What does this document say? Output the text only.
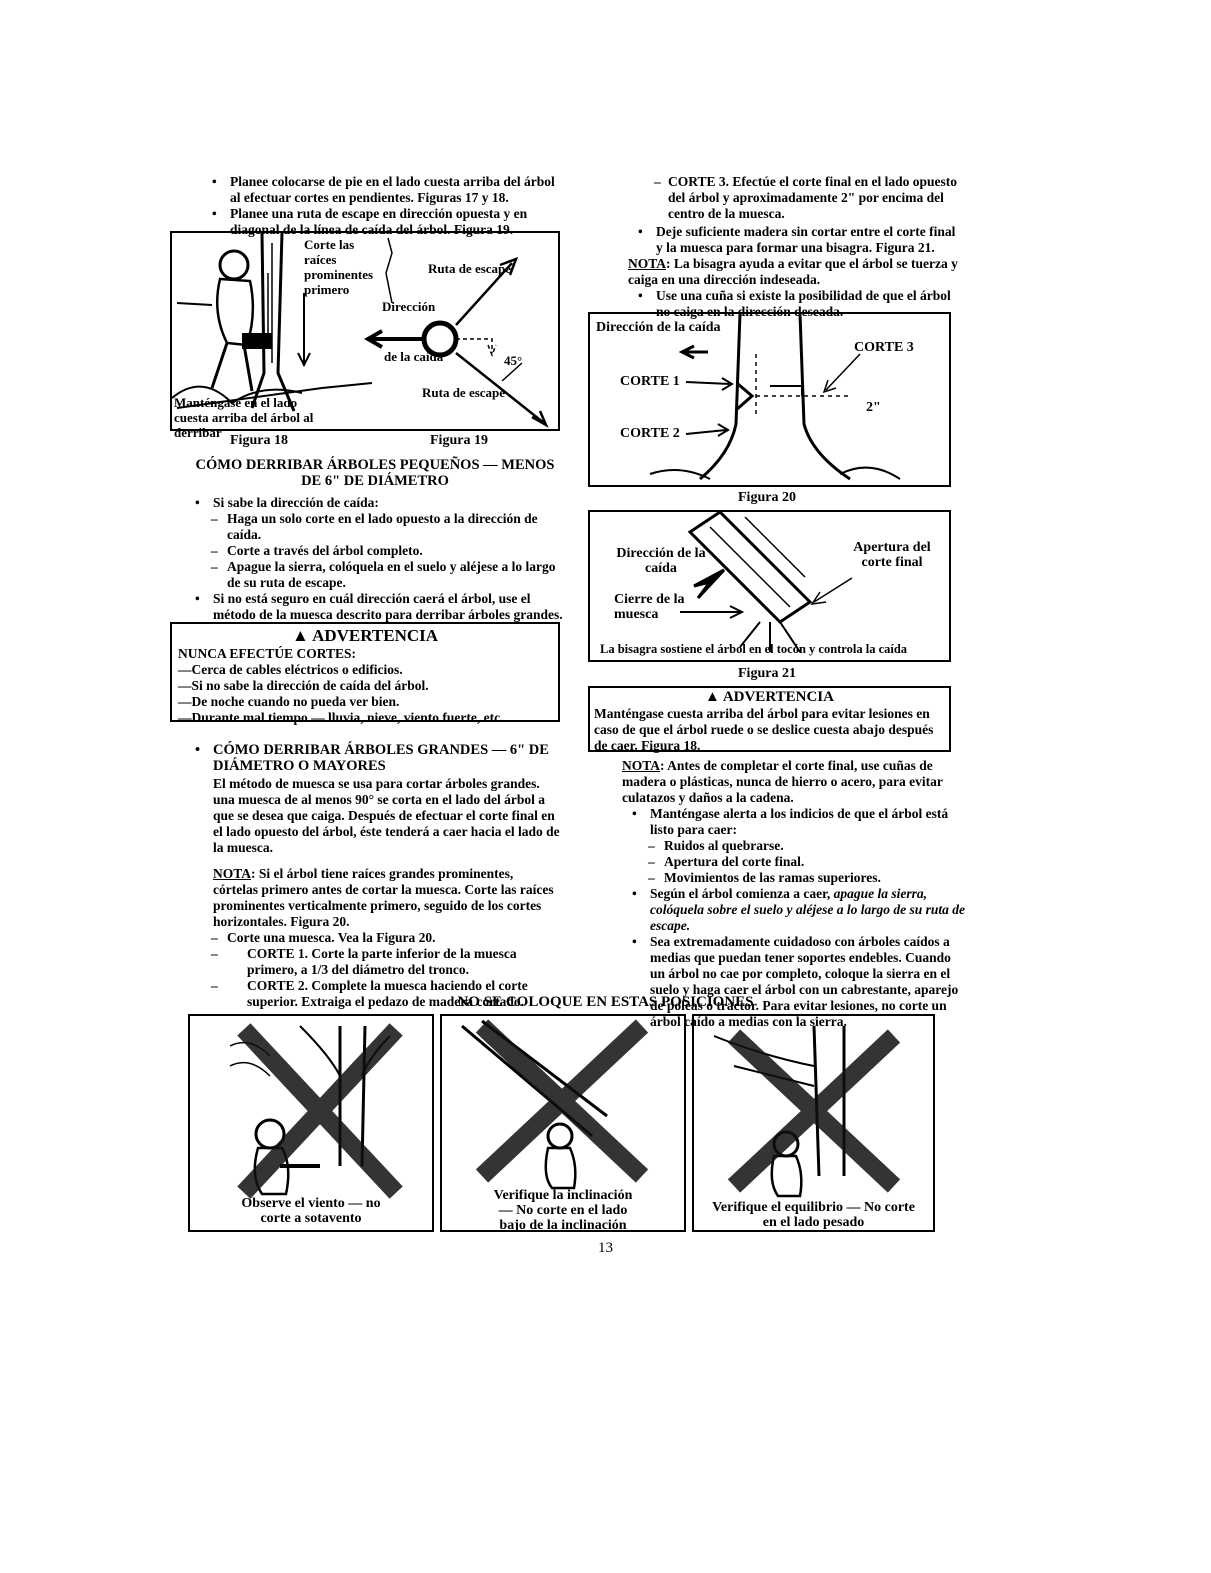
• Planee colocarse de pie en el lado cuesta arriba del árbol al efectuar cortes en pendientes. Figuras 17 y 18.
• Planee una ruta de escape en dirección opuesta y en diagonal de la línea de caída del árbol. Figura 19.
Corte las raíces prominentes primero
Ruta de escape
Dirección
de la caída	45°
Ruta de escape
Manténgase en el lado cuesta arriba del árbol al derribar
Figura 18	Figura 19
CÓMO DERRIBAR ÁRBOLES PEQUEÑOS — MENOS DE 6" DE DIÁMETRO
• Si sabe la dirección de caída:
– Haga un solo corte en el lado opuesto a la dirección de caída.
– Corte a través del árbol completo.
– Apague la sierra, colóquela en el suelo y aléjese a lo largo de su ruta de escape.
• Si no está seguro en cuál dirección caerá el árbol, use el método de la muesca descrito para derribar árboles grandes.
▲ ADVERTENCIA
NUNCA EFECTÚE CORTES:
—Cerca de cables eléctricos o edificios.
—Si no sabe la dirección de caída del árbol.
—De noche cuando no pueda ver bien.
—Durante mal tiempo — lluvia, nieve, viento fuerte, etc.
• CÓMO DERRIBAR ÁRBOLES GRANDES — 6" DE DIÁMETRO O MAYORES
El método de muesca se usa para cortar árboles grandes. una muesca de al menos 90° se corta en el lado del árbol a que se desea que caiga. Después de efectuar el corte final en el lado opuesto del árbol, éste tenderá a caer hacia el lado de la muesca.
NOTA: Si el árbol tiene raíces grandes prominentes, córtelas primero antes de cortar la muesca. Corte las raíces prominentes verticalmente primero, seguido de los cortes horizontales. Figura 20.
– Corte una muesca. Vea la Figura 20.
– CORTE 1. Corte la parte inferior de la muesca primero, a 1/3 del diámetro del tronco.
– CORTE 2. Complete la muesca haciendo el corte superior. Extraiga el pedazo de madera cortado.
– CORTE 3. Efectúe el corte final en el lado opuesto del árbol y aproximadamente 2" por encima del centro de la muesca.
• Deje suficiente madera sin cortar entre el corte final y la muesca para formar una bisagra. Figura 21.
NOTA: La bisagra ayuda a evitar que el árbol se tuerza y caiga en una dirección indeseada.
• Use una cuña si existe la posibilidad de que el árbol no caiga en la dirección deseada.
Dirección de la caída
CORTE 1
CORTE 2
CORTE 3
2"
Figura 20
Dirección de la caída
Apertura del corte final
Cierre de la muesca
La bisagra sostiene el árbol en el tocón y controla la caída
Figura 21
▲ ADVERTENCIA
Manténgase cuesta arriba del árbol para evitar lesiones en caso de que el árbol ruede o se deslice cuesta abajo después de caer. Figura 18.
NOTA: Antes de completar el corte final, use cuñas de madera o plásticas, nunca de hierro o acero, para evitar culatazos y daños a la cadena.
• Manténgase alerta a los indicios de que el árbol está listo para caer:
– Ruidos al quebrarse.
– Apertura del corte final.
– Movimientos de las ramas superiores.
• Según el árbol comienza a caer, apague la sierra, colóquela sobre el suelo y aléjese a lo largo de su ruta de escape.
• Sea extremadamente cuidadoso con árboles caídos a medias que puedan tener soportes endebles. Cuando un árbol no cae por completo, coloque la sierra en el suelo y haga caer el árbol con un cabrestante, aparejo de poleas o tractor. Para evitar lesiones, no corte un árbol caído a medias con la sierra.
NO SE COLOQUE EN ESTAS POSICIONES
Observe el viento — no
corte a sotavento
Verifique la inclinación
— No corte en el lado
bajo de la inclinación
Verifique el equilibrio — No corte
en el lado pesado
13
